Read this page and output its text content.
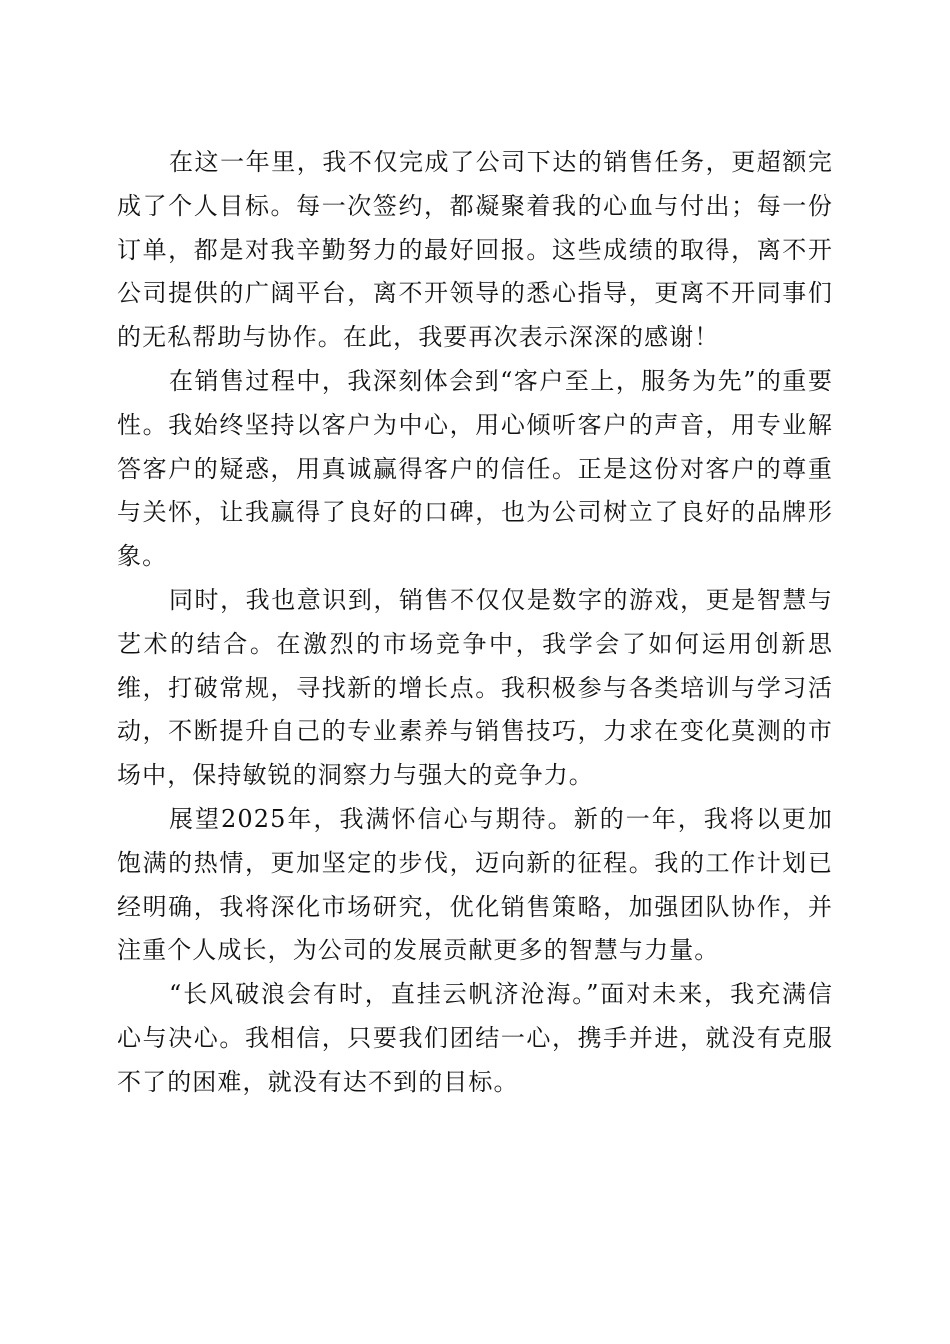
在这一年里，我不仅完成了公司下达的销售任务，更超额完成了个人目标。每一次签约，都凝聚着我的心血与付出；每一份订单，都是对我辛勤努力的最好回报。这些成绩的取得，离不开公司提供的广阔平台，离不开领导的悉心指导，更离不开同事们的无私帮助与协作。在此，我要再次表示深深的感谢！

在销售过程中，我深刻体会到“客户至上，服务为先”的重要性。我始终坚持以客户为中心，用心倾听客户的声音，用专业解答客户的疑惑，用真诚赢得客户的信任。正是这份对客户的尊重与关怀，让我赢得了良好的口碑，也为公司树立了良好的品牌形象。

同时，我也意识到，销售不仅仅是数字的游戏，更是智慧与艺术的结合。在激烈的市场竞争中，我学会了如何运用创新思维，打破常规，寻找新的增长点。我积极参与各类培训与学习活动，不断提升自己的专业素养与销售技巧，力求在变化莫测的市场中，保持敏锐的洞察力与强大的竞争力。

展望2025年，我满怀信心与期待。新的一年，我将以更加饱满的热情，更加坚定的步伐，迈向新的征程。我的工作计划已经明确，我将深化市场研究，优化销售策略，加强团队协作，并注重个人成长，为公司的发展贡献更多的智慧与力量。

“长风破浪会有时，直挂云帆济沧海。”面对未来，我充满信心与决心。我相信，只要我们团结一心，携手并进，就没有克服不了的困难，就没有达不到的目标。
